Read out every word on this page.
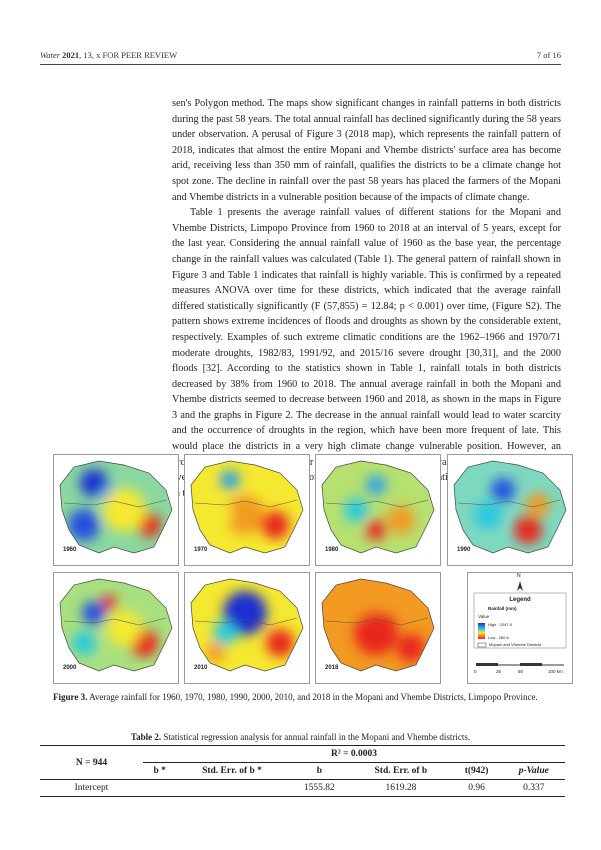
Water 2021, 13, x FOR PEER REVIEW	7 of 16

sen's Polygon method. The maps show significant changes in rainfall patterns in both districts during the past 58 years. The total annual rainfall has declined significantly during the 58 years under observation. A perusal of Figure 3 (2018 map), which represents the rainfall pattern of 2018, indicates that almost the entire Mopani and Vhembe districts' surface area has become arid, receiving less than 350 mm of rainfall, qualifies the districts to be a climate change hot spot zone. The decline in rainfall over the past 58 years has placed the farmers of the Mopani and Vhembe districts in a vulnerable position because of the impacts of climate change.

Table 1 presents the average rainfall values of different stations for the Mopani and Vhembe Districts, Limpopo Province from 1960 to 2018 at an interval of 5 years, except for the last year. Considering the annual rainfall value of 1960 as the base year, the percentage change in the rainfall values was calculated (Table 1). The general pattern of rainfall shown in Figure 3 and Table 1 indicates that rainfall is highly variable. This is confirmed by a repeated measures ANOVA over time for these districts, which indicated that the average rainfall differed statistically significantly (F (57,855) = 12.84; p < 0.001) over time, (Figure S2). The pattern shows extreme incidences of floods and droughts as shown by the considerable extent, respectively. Examples of such extreme climatic conditions are the 1962–1966 and 1970/71 moderate droughts, 1982/83, 1991/92, and 2015/16 severe drought [30,31], and the 2000 floods [32]. According to the statistics shown in Table 1, rainfall totals in both districts decreased by 38% from 1960 to 2018. The annual average rainfall in both the Mopani and Vhembe districts seemed to decrease between 1960 and 2018, as shown in the maps in Figure 3 and the graphs in Figure 2. The decrease in the annual rainfall would lead to water scarcity and the occurrence of droughts in the region, which have been more frequent of late. This would place the districts in a very high climate change vulnerable position. However, an was of

1960	1970	1980	1990
2000	2010	2018
N
Legend
Rainfall (mm)
Value
High : 2047.5
Low : 280.6
Mopani and Vhembe Districts
0	25	50	100 km
Figure 3. Average rainfall for 1960, 1970, 1980, 1990, 2000, 2010, and 2018 in the Mopani and Vhembe Districts, Limpopo Province.
Table 2. Statistical regression analysis for annual rainfall in the Mopani and Vhembe districts.
N = 944	R² = 0.0003					
	b *	Std. Err. of b *	b	Std. Err. of b	t(942)	p-Value
Intercept			1555.82	1619.28	0.96	0.337
